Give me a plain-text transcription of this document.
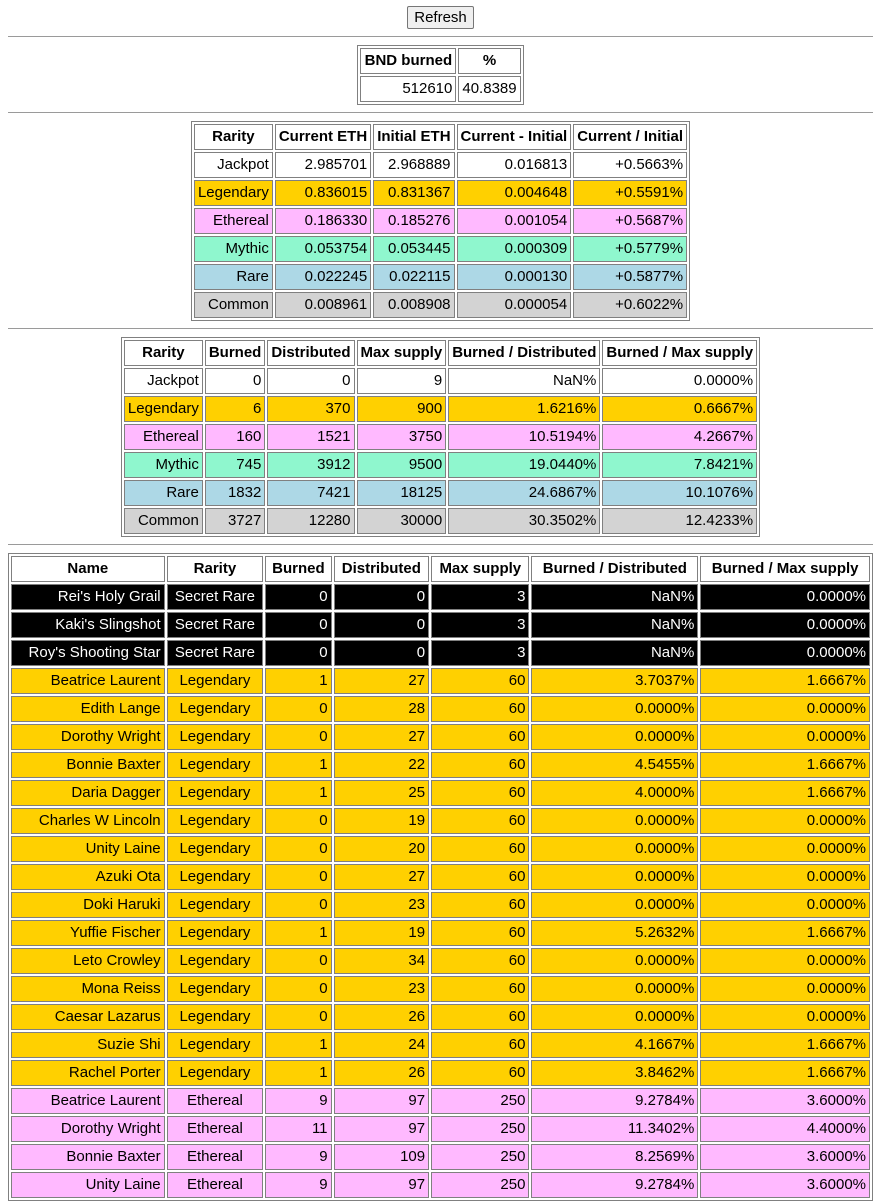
Refresh
BND burned	%
512610	40.8389
Rarity	Current ETH	Initial ETH	Current - Initial	Current / Initial
Jackpot	2.985701	2.968889	0.016813	+0.5663%
Legendary	0.836015	0.831367	0.004648	+0.5591%
Ethereal	0.186330	0.185276	0.001054	+0.5687%
Mythic	0.053754	0.053445	0.000309	+0.5779%
Rare	0.022245	0.022115	0.000130	+0.5877%
Common	0.008961	0.008908	0.000054	+0.6022%
Rarity	Burned	Distributed	Max supply	Burned / Distributed	Burned / Max supply
Jackpot	0	0	9	NaN%	0.0000%
Legendary	6	370	900	1.6216%	0.6667%
Ethereal	160	1521	3750	10.5194%	4.2667%
Mythic	745	3912	9500	19.0440%	7.8421%
Rare	1832	7421	18125	24.6867%	10.1076%
Common	3727	12280	30000	30.3502%	12.4233%
Name	Rarity	Burned	Distributed	Max supply	Burned / Distributed	Burned / Max supply
Rei's Holy Grail	Secret Rare	0	0	3	NaN%	0.0000%
Kaki's Slingshot	Secret Rare	0	0	3	NaN%	0.0000%
Roy's Shooting Star	Secret Rare	0	0	3	NaN%	0.0000%
Beatrice Laurent	Legendary	1	27	60	3.7037%	1.6667%
Edith Lange	Legendary	0	28	60	0.0000%	0.0000%
Dorothy Wright	Legendary	0	27	60	0.0000%	0.0000%
Bonnie Baxter	Legendary	1	22	60	4.5455%	1.6667%
Daria Dagger	Legendary	1	25	60	4.0000%	1.6667%
Charles W Lincoln	Legendary	0	19	60	0.0000%	0.0000%
Unity Laine	Legendary	0	20	60	0.0000%	0.0000%
Azuki Ota	Legendary	0	27	60	0.0000%	0.0000%
Doki Haruki	Legendary	0	23	60	0.0000%	0.0000%
Yuffie Fischer	Legendary	1	19	60	5.2632%	1.6667%
Leto Crowley	Legendary	0	34	60	0.0000%	0.0000%
Mona Reiss	Legendary	0	23	60	0.0000%	0.0000%
Caesar Lazarus	Legendary	0	26	60	0.0000%	0.0000%
Suzie Shi	Legendary	1	24	60	4.1667%	1.6667%
Rachel Porter	Legendary	1	26	60	3.8462%	1.6667%
Beatrice Laurent	Ethereal	9	97	250	9.2784%	3.6000%
Dorothy Wright	Ethereal	11	97	250	11.3402%	4.4000%
Bonnie Baxter	Ethereal	9	109	250	8.2569%	3.6000%
Unity Laine	Ethereal	9	97	250	9.2784%	3.6000%
